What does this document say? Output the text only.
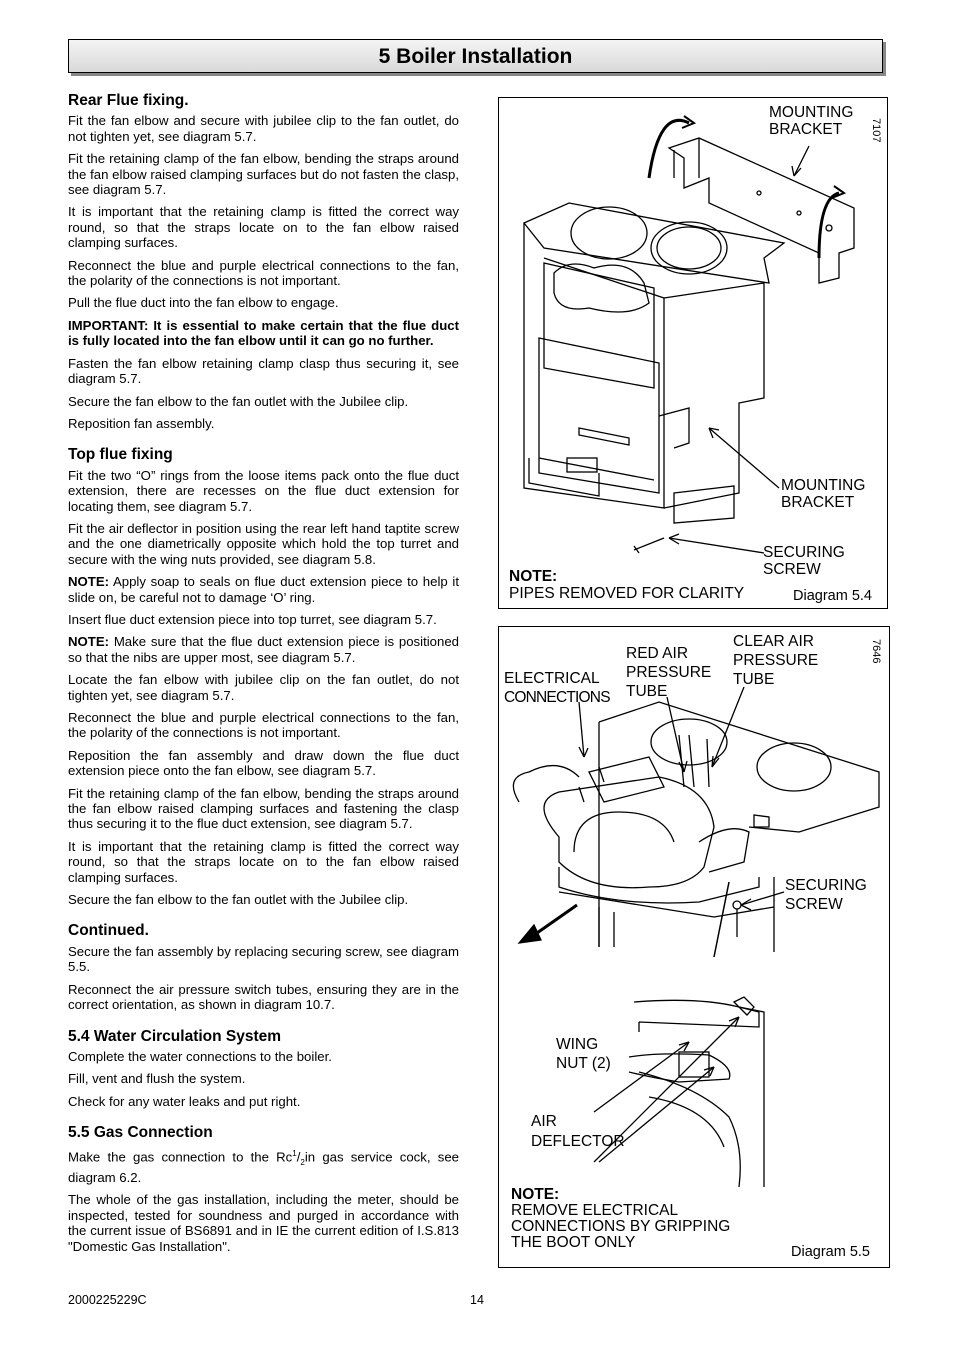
5 Boiler Installation
Rear Flue fixing.

Fit the fan elbow and secure with jubilee clip to the fan outlet, do not tighten yet, see diagram 5.7.

Fit the retaining clamp of the fan elbow, bending the straps around the fan elbow raised clamping surfaces but do not fasten the clasp, see diagram 5.7.

It is important that the retaining clamp is fitted the correct way round, so that the straps locate on to the fan elbow raised clamping surfaces.

Reconnect the blue and purple electrical connections to the fan, the polarity of the connections is not important.

Pull the flue duct into the fan elbow to engage.

IMPORTANT: It is essential to make certain that the flue duct is fully located into the fan elbow until it can go no further.

Fasten the fan elbow retaining clamp clasp thus securing it, see diagram 5.7.

Secure the fan elbow to the fan outlet with the Jubilee clip.

Reposition fan assembly.

Top flue fixing

Fit the two “O” rings from the loose items pack onto the flue duct extension, there are recesses on the flue duct extension for locating them, see diagram 5.7.

Fit the air deflector in position using the rear left hand taptite screw and the one diametrically opposite which hold the top turret and secure with the wing nuts provided, see diagram 5.8.

NOTE: Apply soap to seals on flue duct extension piece to help it slide on, be careful not to damage ‘O’ ring.

Insert flue duct extension piece into top turret, see diagram 5.7.

NOTE: Make sure that the flue duct extension piece is positioned so that the nibs are upper most, see diagram 5.7.

Locate the fan elbow with jubilee clip on the fan outlet, do not tighten yet, see diagram 5.7.

Reconnect the blue and purple electrical connections to the fan, the polarity of the connections is not important.

Reposition the fan assembly and draw down the flue duct extension piece onto the fan elbow, see diagram 5.7.

Fit the retaining clamp of the fan elbow, bending the straps around the fan elbow raised clamping surfaces and fastening the clasp thus securing it to the flue duct extension, see diagram 5.7.

It is important that the retaining clamp is fitted the correct way round, so that the straps locate on to the fan elbow raised clamping surfaces.

Secure the fan elbow to the fan outlet with the Jubilee clip.

Continued.

Secure the fan assembly by replacing securing screw, see diagram 5.5.

Reconnect the air pressure switch tubes, ensuring they are in the correct orientation, as shown in diagram 10.7.

5.4 Water Circulation System

Complete the water connections to the boiler.

Fill, vent and flush the system.

Check for any water leaks and put right.

5.5 Gas Connection

Make the gas connection to the $Rc^1/_2in$ gas service cock, see diagram 6.2.

The whole of the gas installation, including the meter, should be inspected, tested for soundness and purged in accordance with the current issue of BS6891 and in IE the current edition of I.S.813 "Domestic Gas Installation".

7107
MOUNTING
BRACKET
MOUNTING
BRACKET
SECURING
SCREW
NOTE:
PIPES REMOVED FOR CLARITY	Diagram 5.4
7646
RED AIR
PRESSURE
TUBE
CLEAR AIR
PRESSURE
TUBE
ELECTRICAL
CONNECTIONS
SECURING
SCREW
WING
NUT (2)
AIR
DEFLECTOR
NOTE:
REMOVE ELECTRICAL
CONNECTIONS BY GRIPPING
THE BOOT ONLY
Diagram 5.5
2000225229C	14
